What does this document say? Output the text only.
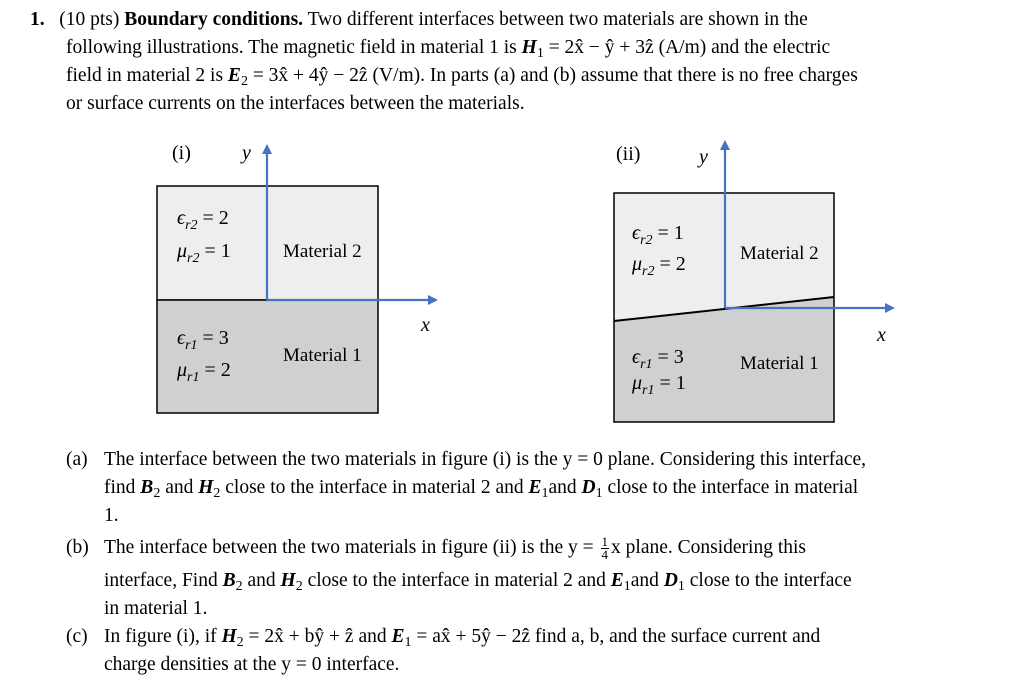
1. (10 pts) Boundary conditions. Two different interfaces between two materials are shown in the
following illustrations. The magnetic field in material 1 is $H_1$ = 2x̂ − ŷ + 3ẑ (A/m) and the electric
field in material 2 is $E_2$ = 3x̂ + 4ŷ − 2ẑ (V/m). In parts (a) and (b) assume that there is no free charges
or surface currents on the interfaces between the materials.
(i)	y
x
Material 2
Material 1
$\epsilon_{r2} = 2$
$\mu_{r2} = 1$
$\epsilon_{r1} = 3$
$\mu_{r1} = 2$
(ii)	y
x
Material 2
Material 1
$\epsilon_{r2} = 1$
$\mu_{r2} = 2$
$\epsilon_{r1} = 3$
$\mu_{r1} = 1$
(a) The interface between the two materials in figure (i) is the y = 0 plane. Considering this interface,
find $B_2$ and $H_2$ close to the interface in material 2 and $E_1and$ $D_1$ close to the interface in material
1.
(b) The interface between the two materials in figure (ii) is the $y = \frac{1}{4}$ x plane. Considering this
interface, Find $B_2$ and $H_2$ close to the interface in material 2 and $E_1and$ $D_1$ close to the interface
in material 1.
(c) In figure (i), if $H_2$ = 2x̂ + bŷ + ẑ and $E_1$ = ax̂ + 5ŷ − 2ẑ find a, b, and the surface current and
charge densities at the y = 0 interface.
